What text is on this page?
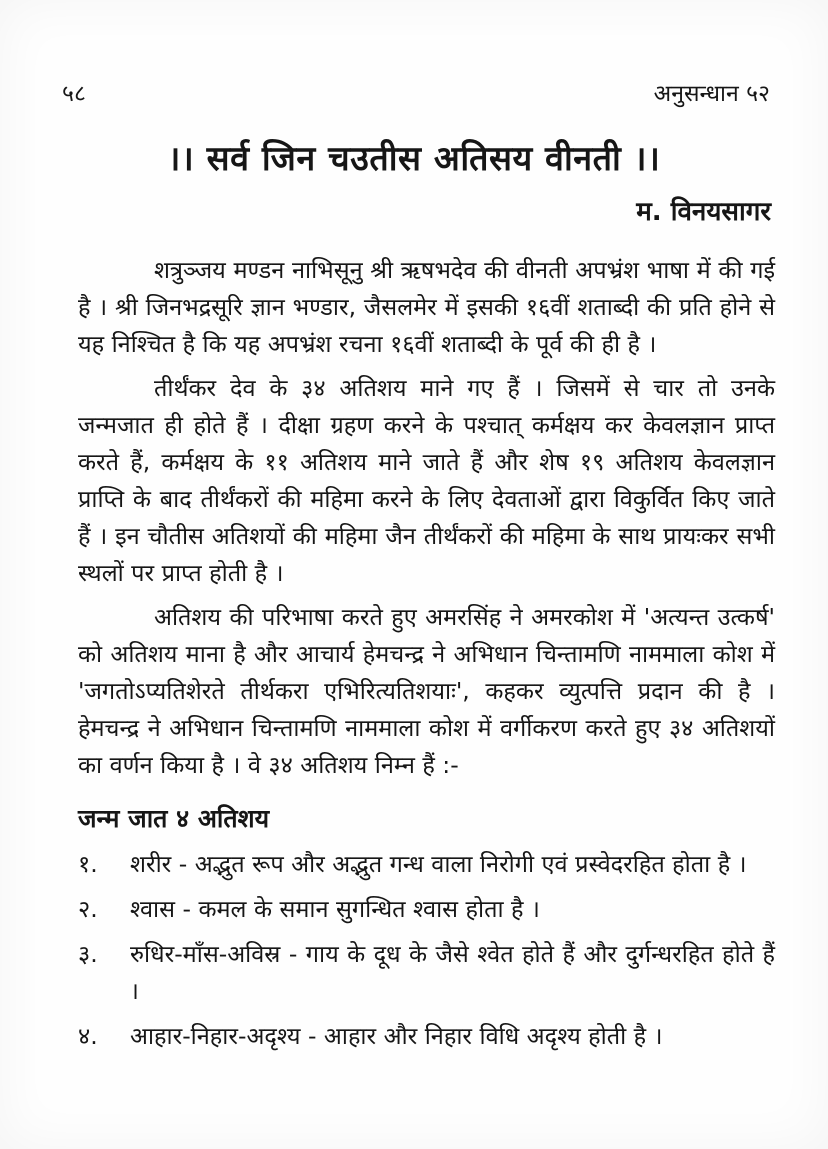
५८	अनुसन्धान ५२
।। सर्व जिन चउतीस अतिसय वीनती ।।
म. विनयसागर

शत्रुञ्जय मण्डन नाभिसूनु श्री ऋषभदेव की वीनती अपभ्रंश भाषा में की गई है । श्री जिनभद्रसूरि ज्ञान भण्डार, जैसलमेर में इसकी १६वीं शताब्दी की प्रति होने से यह निश्चित है कि यह अपभ्रंश रचना १६वीं शताब्दी के पूर्व की ही है ।

तीर्थंकर देव के ३४ अतिशय माने गए हैं । जिसमें से चार तो उनके जन्मजात ही होते हैं । दीक्षा ग्रहण करने के पश्चात् कर्मक्षय कर केवलज्ञान प्राप्त करते हैं, कर्मक्षय के ११ अतिशय माने जाते हैं और शेष १९ अतिशय केवलज्ञान प्राप्ति के बाद तीर्थंकरों की महिमा करने के लिए देवताओं द्वारा विकुर्वित किए जाते हैं । इन चौतीस अतिशयों की महिमा जैन तीर्थंकरों की महिमा के साथ प्रायःकर सभी स्थलों पर प्राप्त होती है ।

अतिशय की परिभाषा करते हुए अमरसिंह ने अमरकोश में 'अत्यन्त उत्कर्ष' को अतिशय माना है और आचार्य हेमचन्द्र ने अभिधान चिन्तामणि नाममाला कोश में 'जगतोऽप्यतिशेरते तीर्थकरा एभिरित्यतिशयाः', कहकर व्युत्पत्ति प्रदान की है । हेमचन्द्र ने अभिधान चिन्तामणि नाममाला कोश में वर्गीकरण करते हुए ३४ अतिशयों का वर्णन किया है । वे ३४ अतिशय निम्न हैं :-

जन्म जात ४ अतिशय
१.	शरीर - अद्भुत रूप और अद्भुत गन्ध वाला निरोगी एवं प्रस्वेदरहित होता है ।
२.	श्वास - कमल के समान सुगन्धित श्वास होता है ।
३.	रुधिर-माँस-अविस्र - गाय के दूध के जैसे श्वेत होते हैं और दुर्गन्धरहित होते हैं ।
४.	आहार-निहार-अदृश्य - आहार और निहार विधि अदृश्य होती है ।
